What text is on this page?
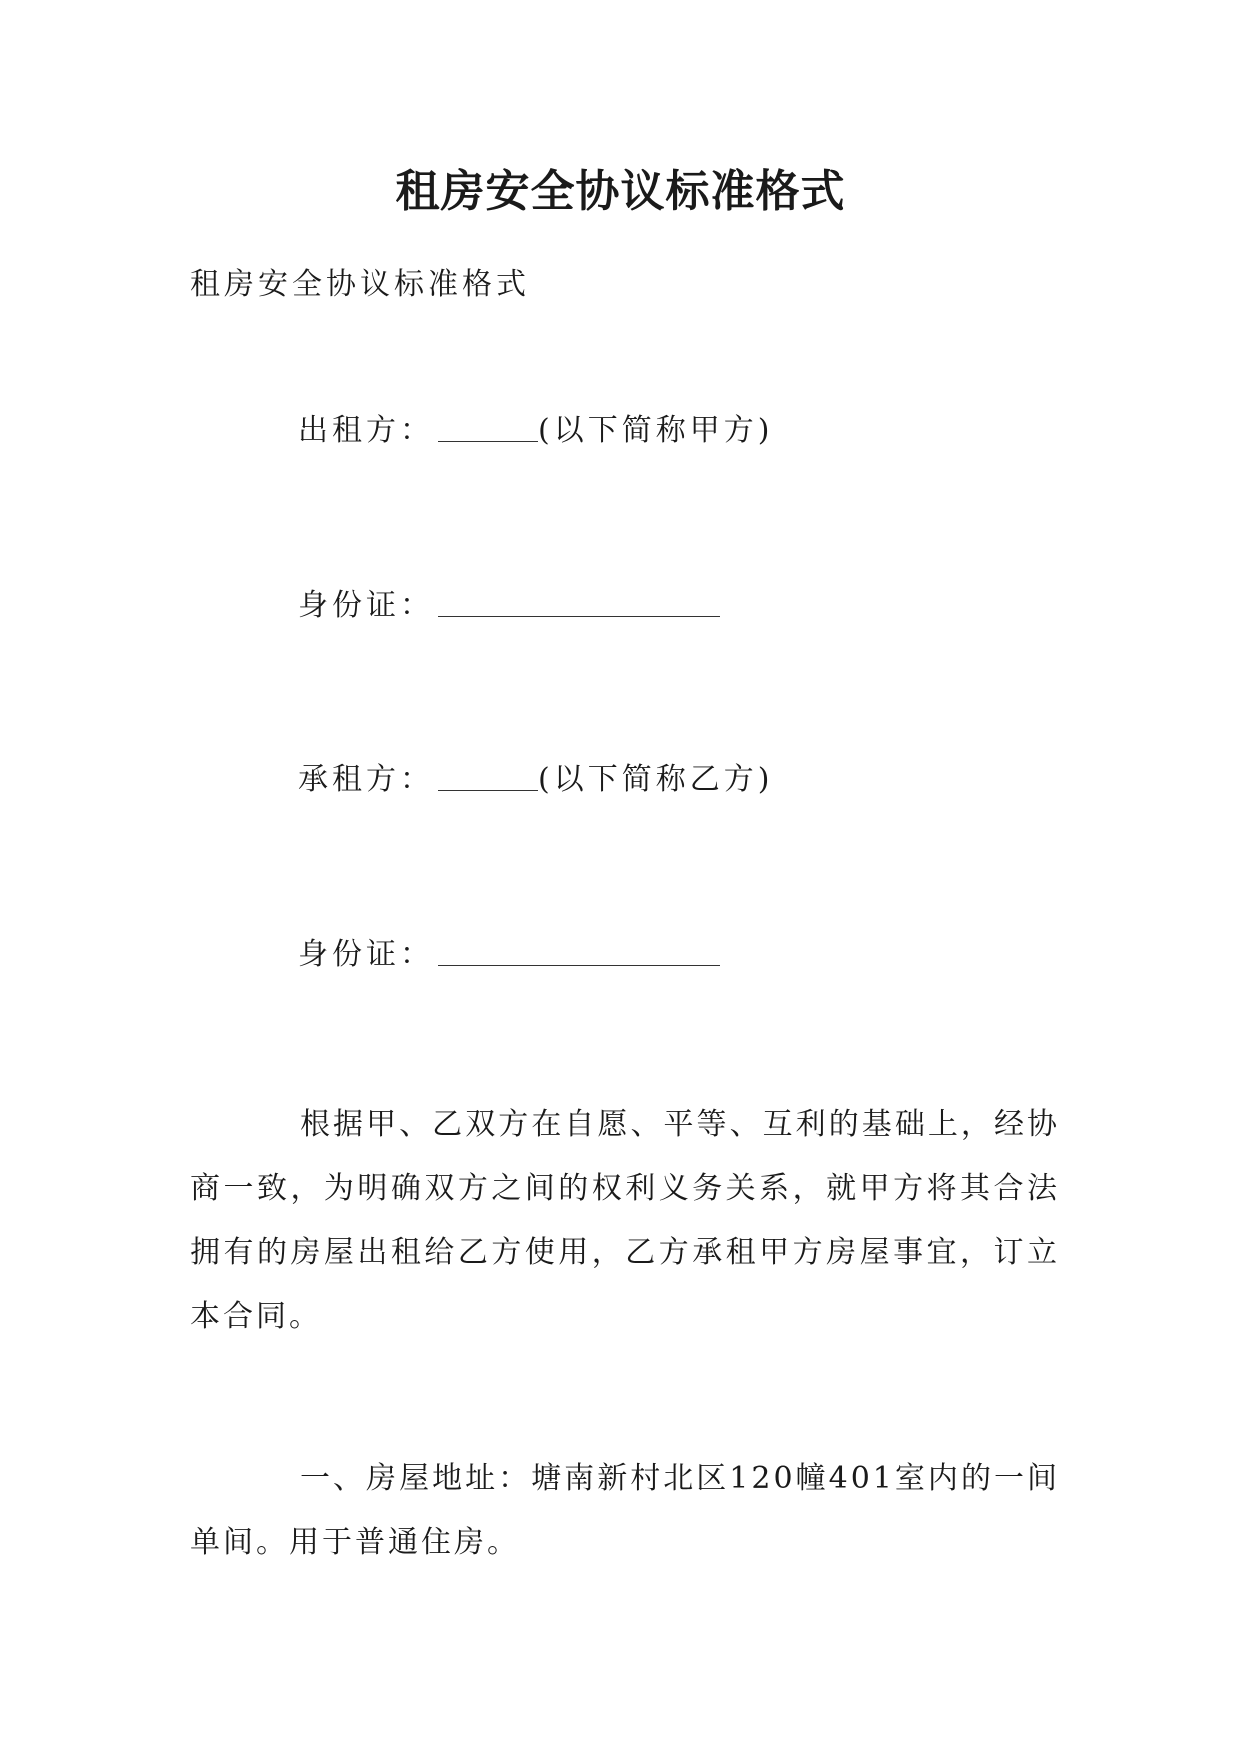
租房安全协议标准格式
租房安全协议标准格式
出租方：	(以下简称甲方)
身份证：
承租方：	(以下简称乙方)
身份证：
根据甲、乙双方在自愿、平等、互利的基础上，经协商一致，为明确双方之间的权利义务关系，就甲方将其合法拥有的房屋出租给乙方使用，乙方承租甲方房屋事宜，订立本合同。
一、房屋地址：塘南新村北区120幢401室内的一间单间。用于普通住房。
